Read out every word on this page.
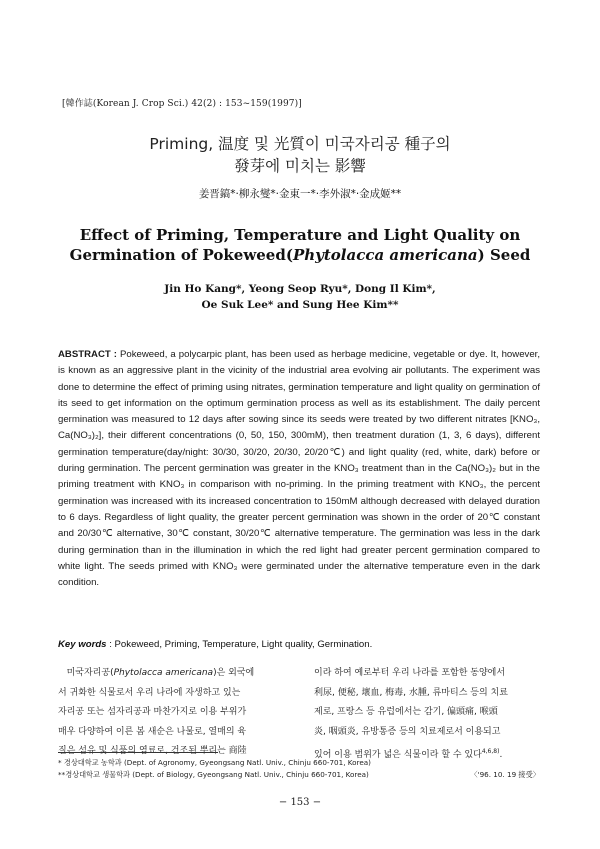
[韓作誌(Korean J. Crop Sci.) 42(2) : 153~159(1997)]
Priming, 温度 및 光質이 미국자리공 種子의
發芽에 미치는 影響
姜晋鎬*·柳永燮*·金東一*·李外淑*·金成姬**
Effect of Priming, Temperature and Light Quality on
Germination of Pokeweed(Phytolacca americana) Seed
Jin Ho Kang*, Yeong Seop Ryu*, Dong Il Kim*,
Oe Suk Lee* and Sung Hee Kim**
ABSTRACT : Pokeweed, a polycarpic plant, has been used as herbage medicine, vegetable or dye. It, however, is known as an aggressive plant in the vicinity of the industrial area evolving air pollutants. The experiment was done to determine the effect of priming using nitrates, germination temperature and light quality on germination of its seed to get information on the optimum germination process as well as its establishment. The daily percent germination was measured to 12 days after sowing since its seeds were treated by two different nitrates [KNO₃, Ca(NO₃)₂], their different concentrations (0, 50, 150, 300mM), then treatment duration (1, 3, 6 days), different germination temperature(day/night: 30/30, 30/20, 20/30, 20/20℃) and light quality (red, white, dark) before or during germination. The percent germination was greater in the KNO₃ treatment than in the Ca(NO₃)₂ but in the priming treatment with KNO₃ in comparison with no-priming. In the priming treatment with KNO₃, the percent germination was increased with its increased concentration to 150mM although decreased with delayed duration to 6 days. Regardless of light quality, the greater percent germination was shown in the order of 20℃ constant and 20/30℃ alternative, 30℃ constant, 30/20℃ alternative temperature. The germination was less in the dark during germination than in the illumination in which the red light had greater percent germination compared to white light. The seeds primed with KNO₃ were germinated under the alternative temperature even in the dark condition.
Key words : Pokeweed, Priming, Temperature, Light quality, Germination.
미국자리공(Phytolacca americana)은 외국에
서 귀화한 식물로서 우리 나라에 자생하고 있는
자리공 또는 섬자리공과 마찬가지로 이용 부위가
매우 다양하여 이른 봄 새순은 나물로, 열매의 육
질은 섬유 및 식품의 염료로, 건조된 뿌리는 商陸
이라 하여 예로부터 우리 나라를 포함한 동양에서
利尿, 便秘, 壞血, 梅毒, 水腫, 류마티스 등의 치료
제로, 프랑스 등 유럽에서는 감기, 偏頭痛, 喉頭
炎, 咽頭炎, 유방통증 등의 치료제로서 이용되고
있어 이용 범위가 넓은 식물이라 할 수 있다$^{4,6,8)}$.
* 경상대학교 농학과 (Dept. of Agronomy, Gyeongsang Natl. Univ., Chinju 660-701, Korea)
**경상대학교 생물학과 (Dept. of Biology, Gyeongsang Natl. Univ., Chinju 660-701, Korea)	〈'96. 10. 19 接受〉
− 153 −
